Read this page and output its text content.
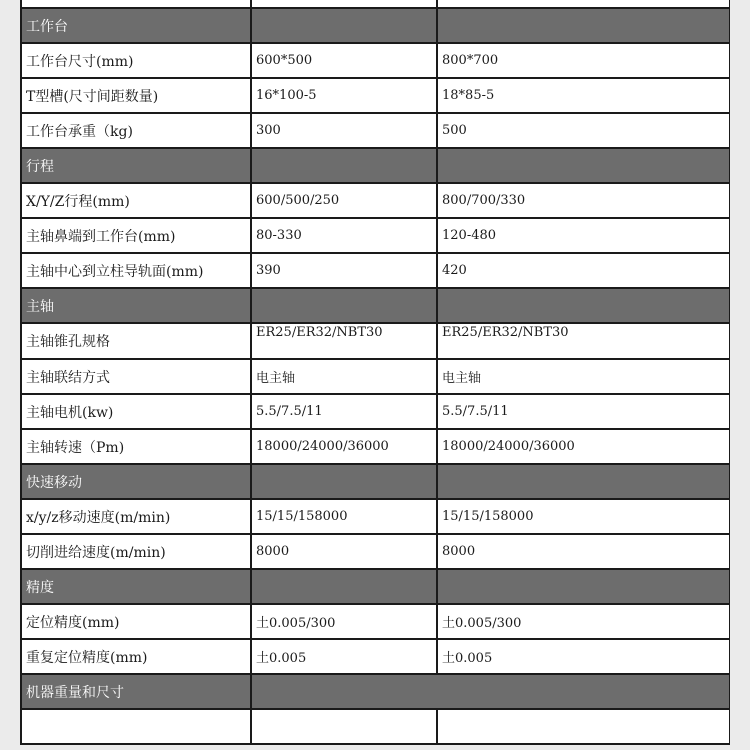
工作台		
工作台尺寸(mm)	600*500	800*700
T型槽(尺寸间距数量)	16*100-5	18*85-5
工作台承重（kg)	300	500
行程		
X/Y/Z行程(mm)	600/500/250	800/700/330
主轴鼻端到工作台(mm)	80-330	120-480
主轴中心到立柱导轨面(mm)	390	420
主轴		
主轴锥孔规格	ER25/ER32/NBT30	ER25/ER32/NBT30
主轴联结方式	电主轴	电主轴
主轴电机(kw)	5.5/7.5/11	5.5/7.5/11
主轴转速（Pm)	18000/24000/36000	18000/24000/36000
快速移动		
x/y/z移动速度(m/min)	15/15/158000	15/15/158000
切削进给速度(m/min)	8000	8000
精度		
定位精度(mm)	土0.005/300	土0.005/300
重复定位精度(mm)	土0.005	土0.005
机器重量和尺寸		
